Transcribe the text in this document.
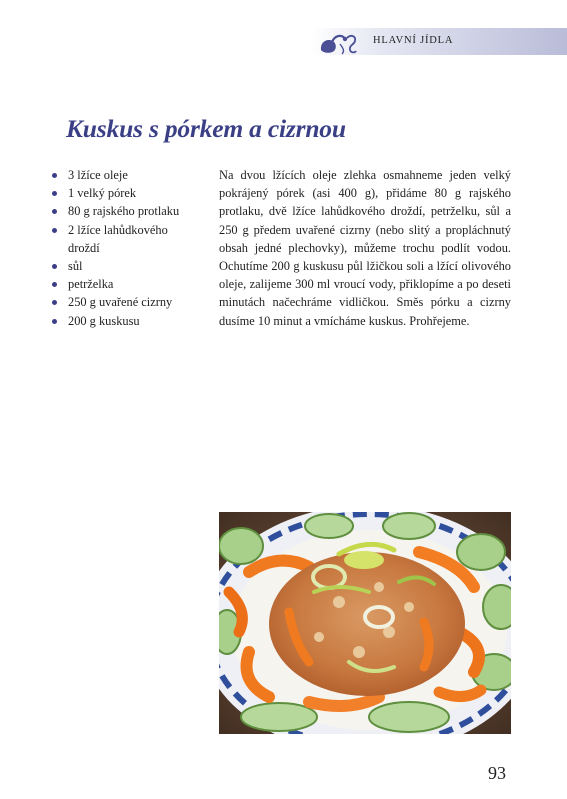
HLAVNÍ JÍDLA
Kuskus s pórkem a cizrnou
3 lžíce oleje
1 velký pórek
80 g rajského protlaku
2 lžíce lahůdkového droždí
sůl
petrželka
250 g uvařené cizrny
200 g kuskusu

Na dvou lžících oleje zlehka osmahneme jeden velký pokrájený pórek (asi 400 g), přidáme 80 g rajského protlaku, dvě lžíce lahůdkového droždí, petrželku, sůl a 250 g předem uvařené cizrny (nebo slitý a propláchnutý obsah jedné plechovky), můžeme trochu podlít vodou. Ochutíme 200 g kuskusu půl lžičkou soli a lžící olivového oleje, zalijeme 300 ml vroucí vody, přiklopíme a po deseti minutách načechráme vidličkou. Směs pórku a cizrny dusíme 10 minut a vmícháme kuskus. Prohřejeme.

93
